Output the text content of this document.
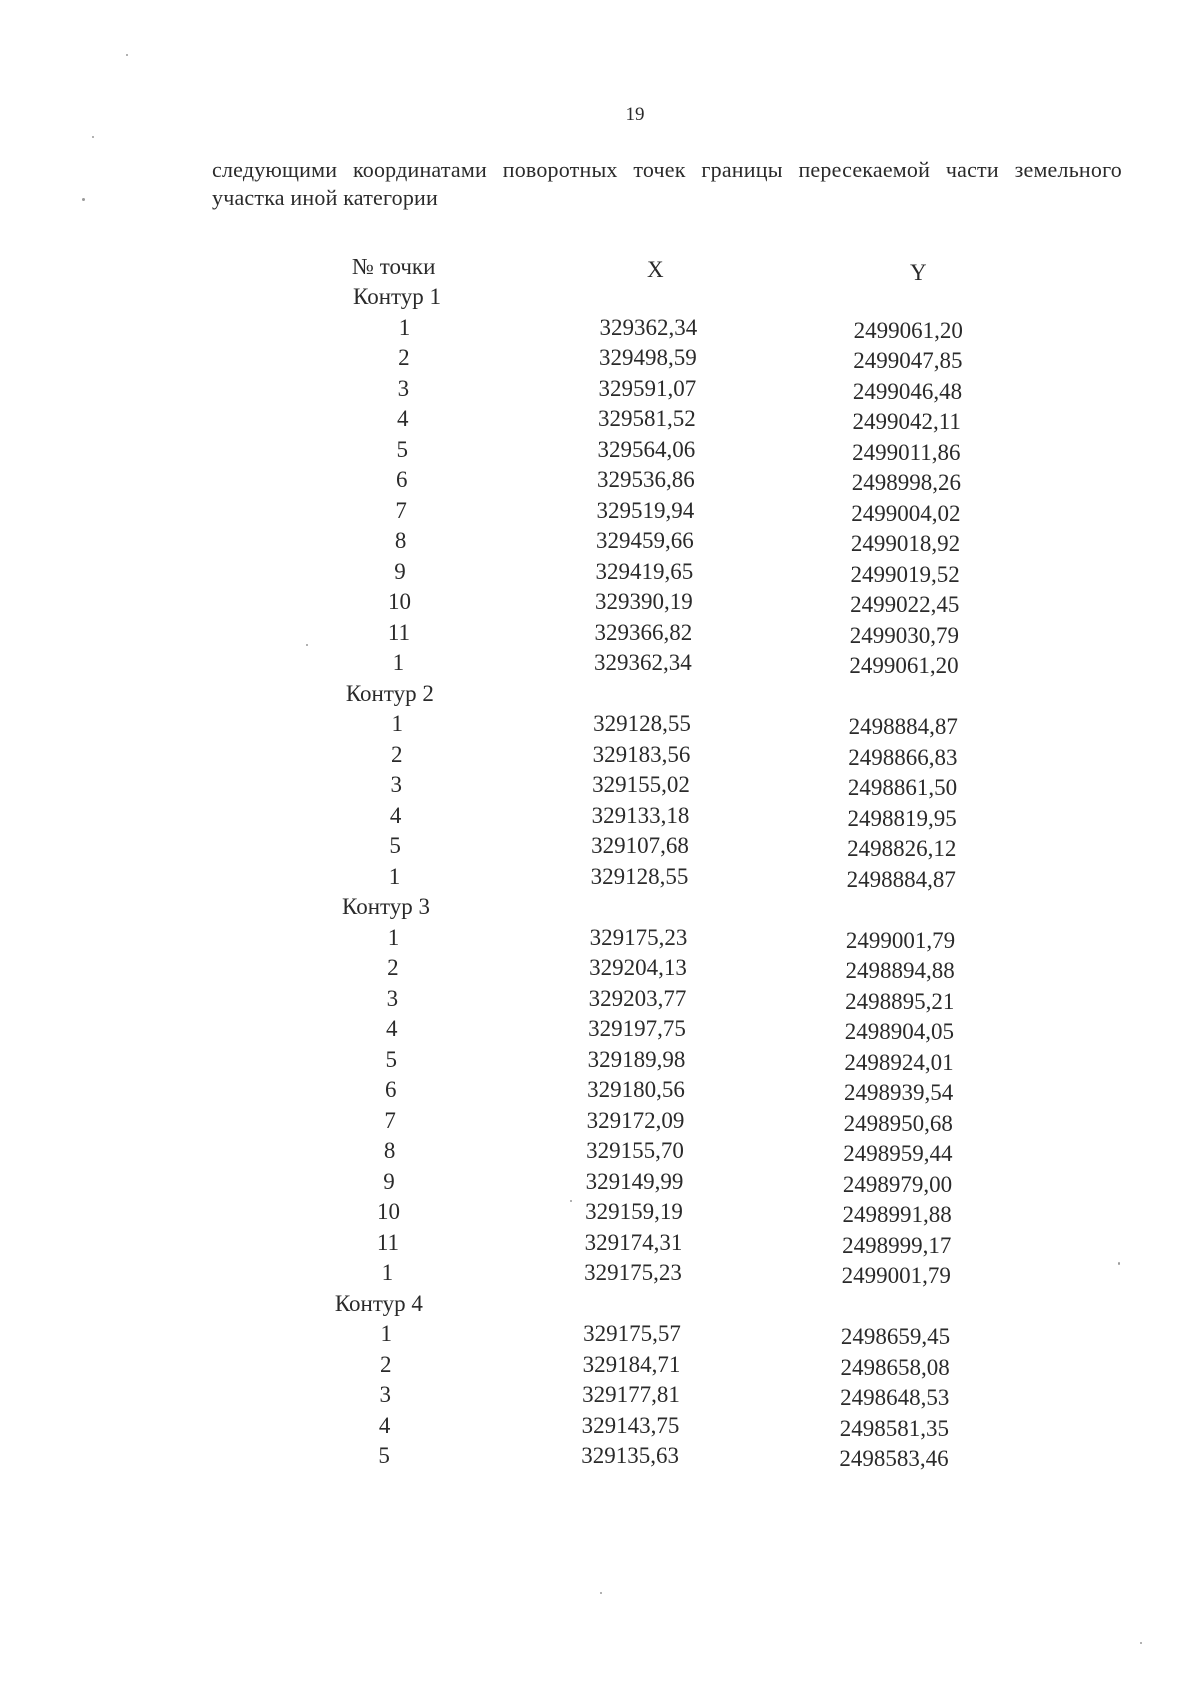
19
следующими координатами поворотных точек границы пересекаемой части земельного участка иной категории
№ точки	X	Y
Контур 1
1	329362,34	2499061,20
2	329498,59	2499047,85
3	329591,07	2499046,48
4	329581,52	2499042,11
5	329564,06	2499011,86
6	329536,86	2498998,26
7	329519,94	2499004,02
8	329459,66	2499018,92
9	329419,65	2499019,52
10	329390,19	2499022,45
11	329366,82	2499030,79
1	329362,34	2499061,20
Контур 2
1	329128,55	2498884,87
2	329183,56	2498866,83
3	329155,02	2498861,50
4	329133,18	2498819,95
5	329107,68	2498826,12
1	329128,55	2498884,87
Контур 3
1	329175,23	2499001,79
2	329204,13	2498894,88
3	329203,77	2498895,21
4	329197,75	2498904,05
5	329189,98	2498924,01
6	329180,56	2498939,54
7	329172,09	2498950,68
8	329155,70	2498959,44
9	329149,99	2498979,00
10	329159,19	2498991,88
11	329174,31	2498999,17
1	329175,23	2499001,79
Контур 4
1	329175,57	2498659,45
2	329184,71	2498658,08
3	329177,81	2498648,53
4	329143,75	2498581,35
5	329135,63	2498583,46
